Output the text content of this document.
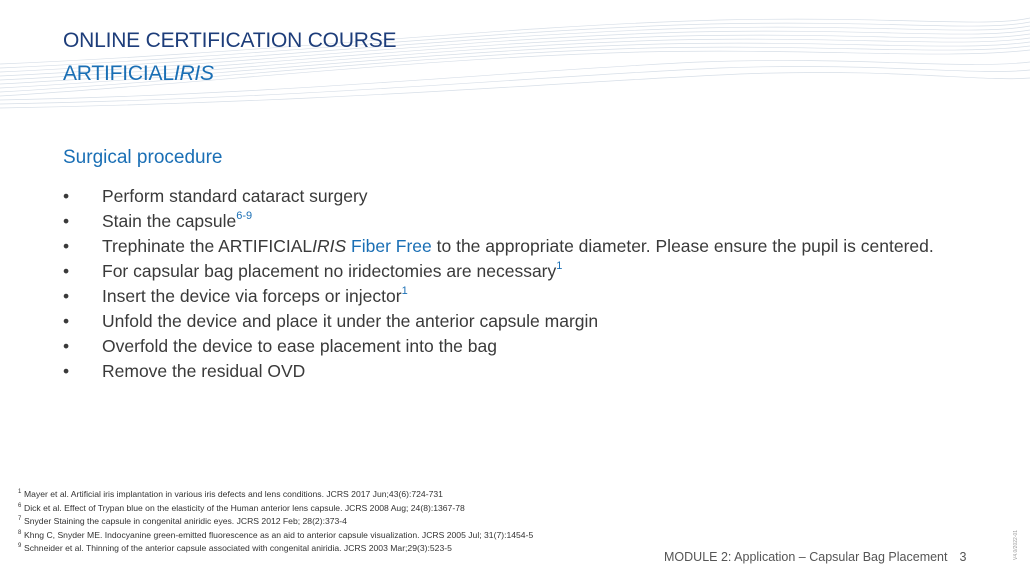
ONLINE CERTIFICATION COURSE
ARTIFICIALIRIS
Surgical procedure
• Perform standard cataract surgery
• Stain the capsule$^{6-9}$
• Trephinate the ARTIFICIALIRIS Fiber Free to the appropriate diameter. Please ensure the pupil is centered.
• For capsular bag placement no iridectomies are necessary$^1$
• Insert the device via forceps or injector$^1$
• Unfold the device and place it under the anterior capsule margin
• Overfold the device to ease placement into the bag
• Remove the residual OVD
1 Mayer et al. Artificial iris implantation in various iris defects and lens conditions. JCRS 2017 Jun;43(6):724-731
6 Dick et al. Effect of Trypan blue on the elasticity of the Human anterior lens capsule. JCRS 2008 Aug; 24(8):1367-78
7 Snyder Staining the capsule in congenital aniridic eyes. JCRS 2012 Feb; 28(2):373-4
8 Khng C, Snyder ME. Indocyanine green-emitted fluorescence as an aid to anterior capsule visualization. JCRS 2005 Jul; 31(7):1454-5
9 Schneider et al. Thinning of the anterior capsule associated with congenital aniridia. JCRS 2003 Mar;29(3):523-5
MODULE 2: Application – Capsular Bag Placement 3	V4.0/2022-01
